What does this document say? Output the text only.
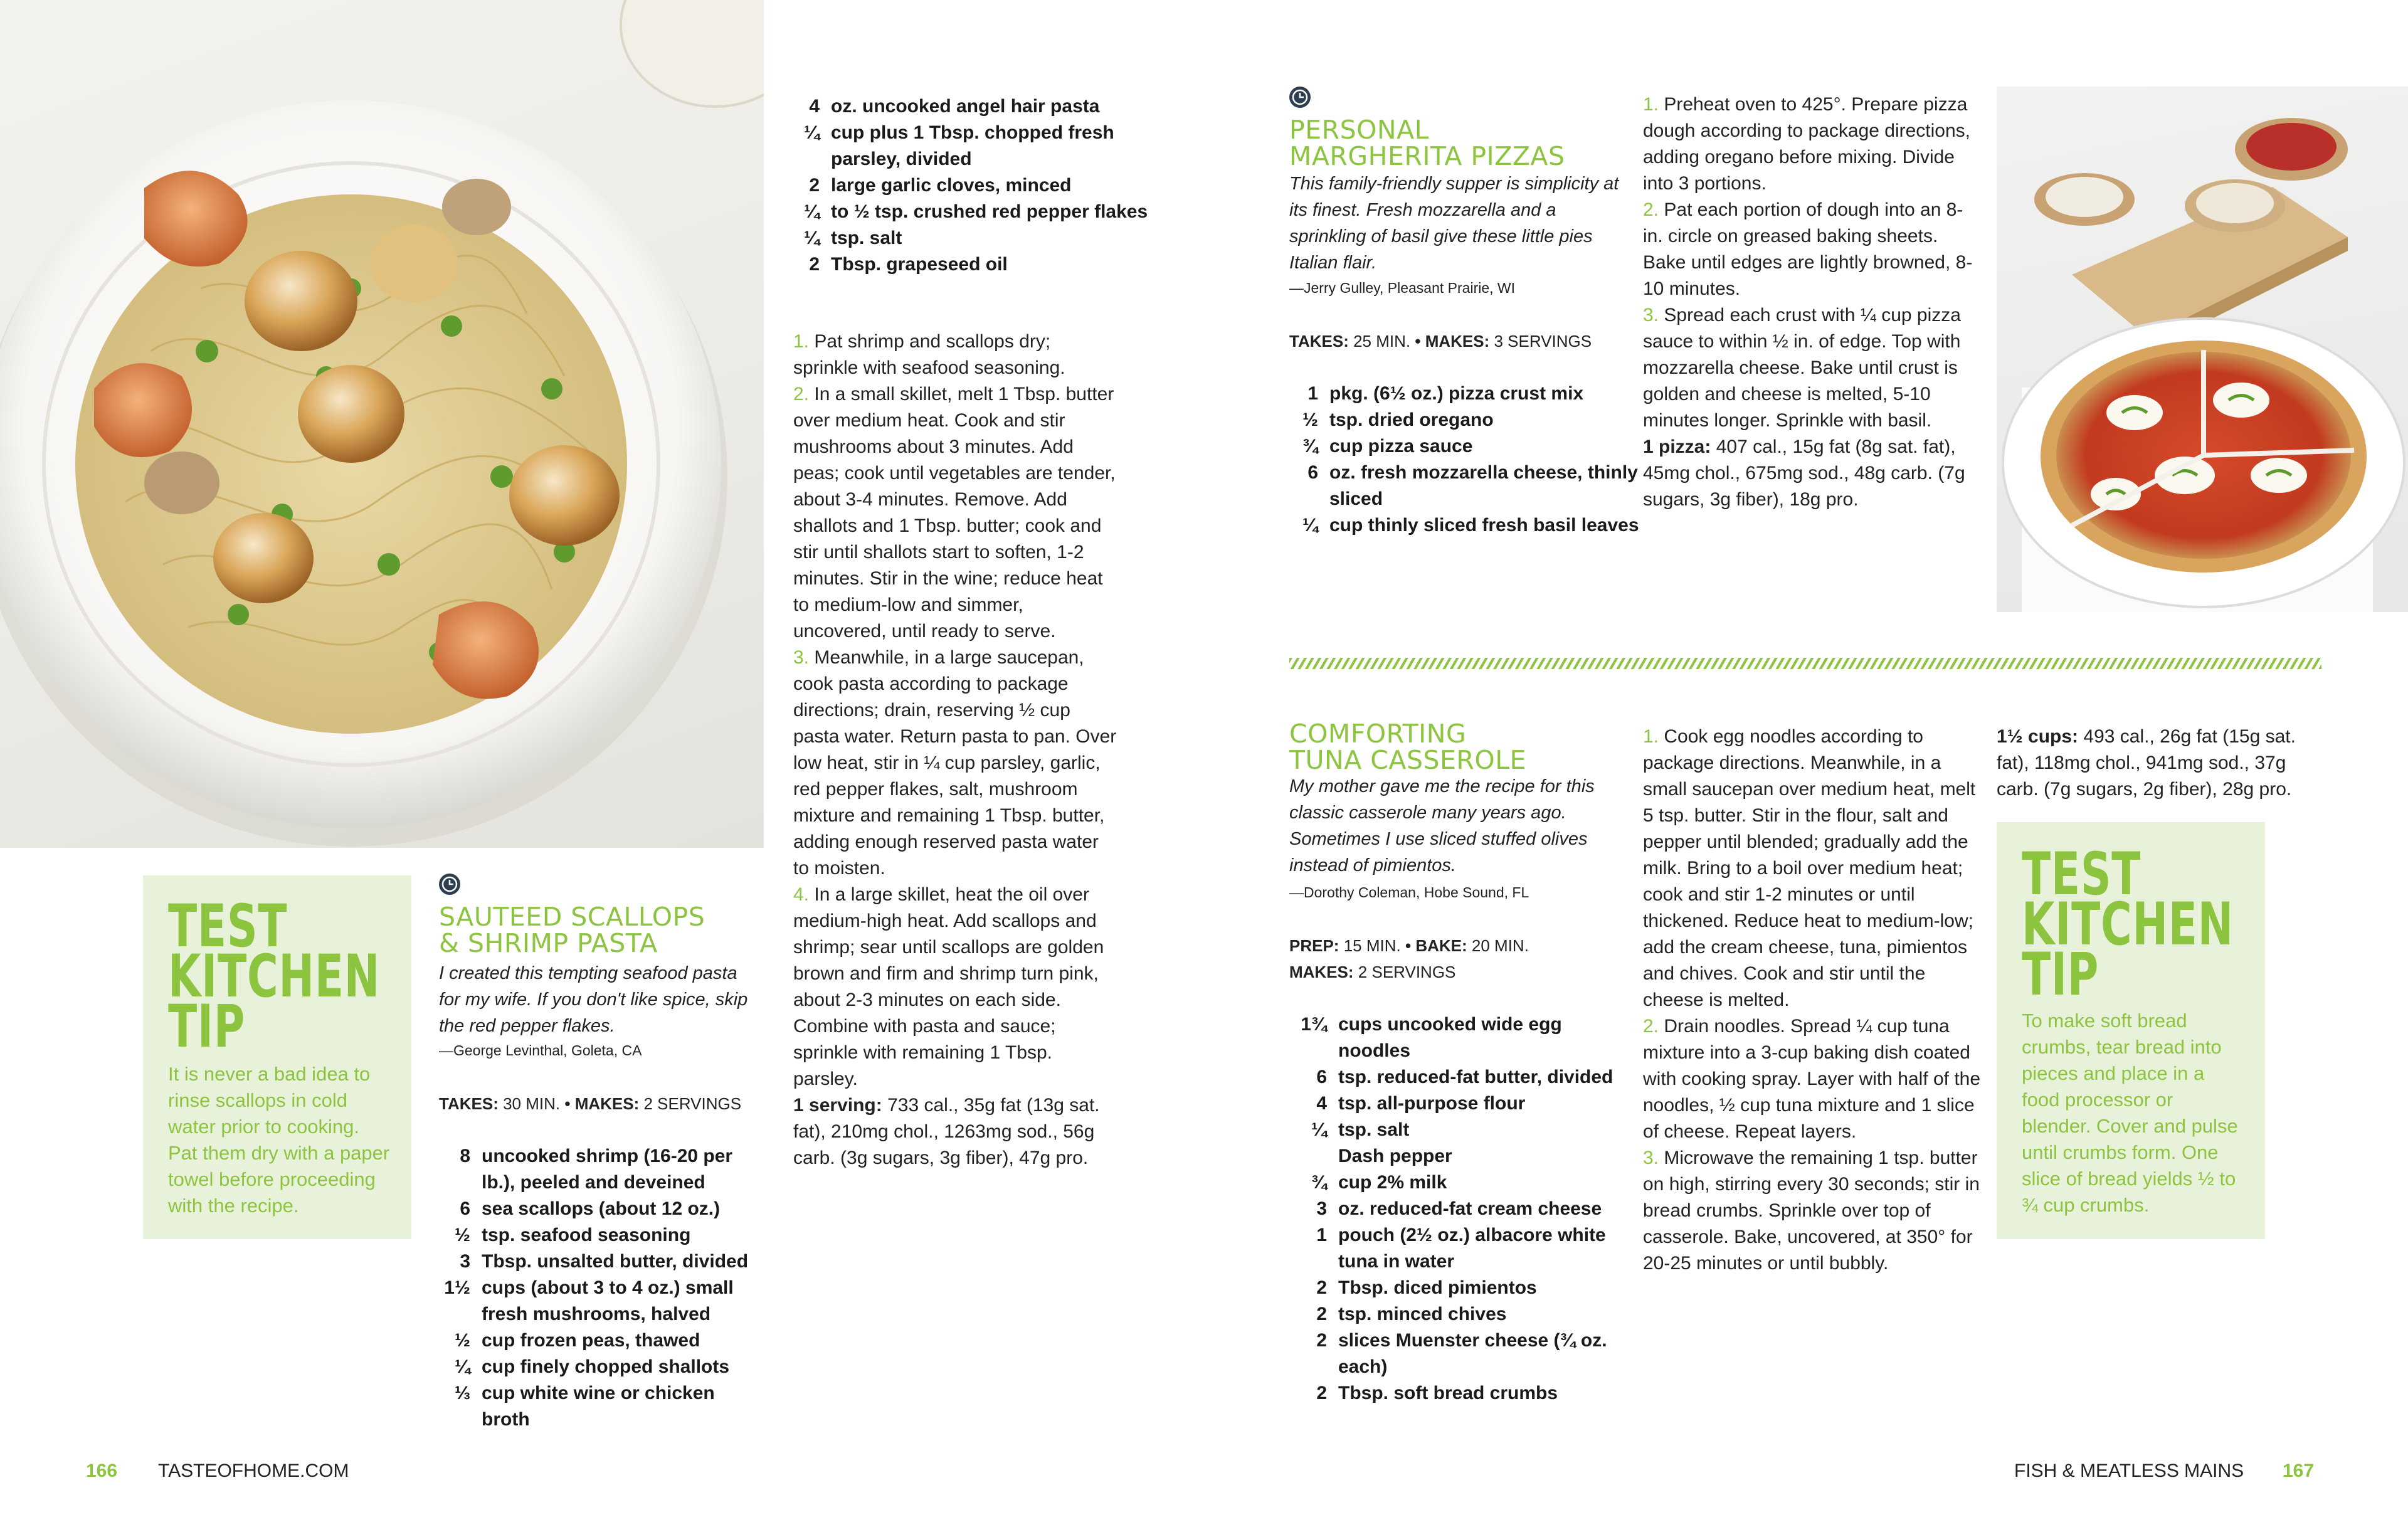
TEST
KITCHEN
TIP
It is never a bad idea to rinse scallops in cold water prior to cooking. Pat them dry with a paper towel before proceeding with the recipe.
SAUTEED SCALLOPS
& SHRIMP PASTA
I created this tempting seafood pasta for my wife. If you don't like spice, skip the red pepper flakes.
—George Levinthal, Goleta, CA
TAKES: 30 MIN. • MAKES: 2 SERVINGS
8 uncooked shrimp (16-20 per lb.), peeled and deveined
6 sea scallops (about 12 oz.)
½ tsp. seafood seasoning
3 Tbsp. unsalted butter, divided
1½ cups (about 3 to 4 oz.) small fresh mushrooms, halved
½ cup frozen peas, thawed
¼ cup finely chopped shallots
⅓ cup white wine or chicken broth
4 oz. uncooked angel hair pasta
¼ cup plus 1 Tbsp. chopped fresh parsley, divided
2 large garlic cloves, minced
¼ to ½ tsp. crushed red pepper flakes
¼ tsp. salt
2 Tbsp. grapeseed oil
1. Pat shrimp and scallops dry; sprinkle with seafood seasoning.
2. In a small skillet, melt 1 Tbsp. butter over medium heat. Cook and stir mushrooms about 3 minutes. Add peas; cook until vegetables are tender, about 3-4 minutes. Remove. Add shallots and 1 Tbsp. butter; cook and stir until shallots start to soften, 1-2 minutes. Stir in the wine; reduce heat to medium-low and simmer, uncovered, until ready to serve.
3. Meanwhile, in a large saucepan, cook pasta according to package directions; drain, reserving ½ cup pasta water. Return pasta to pan. Over low heat, stir in ¼ cup parsley, garlic, red pepper flakes, salt, mushroom mixture and remaining 1 Tbsp. butter, adding enough reserved pasta water to moisten.
4. In a large skillet, heat the oil over medium-high heat. Add scallops and shrimp; sear until scallops are golden brown and firm and shrimp turn pink, about 2-3 minutes on each side. Combine with pasta and sauce; sprinkle with remaining 1 Tbsp. parsley.
1 serving: 733 cal., 35g fat (13g sat. fat), 210mg chol., 1263mg sod., 56g carb. (3g sugars, 3g fiber), 47g pro.
166 TASTEOFHOME.COM
PERSONAL
MARGHERITA PIZZAS
This family-friendly supper is simplicity at its finest. Fresh mozzarella and a sprinkling of basil give these little pies Italian flair.
—Jerry Gulley, Pleasant Prairie, WI
TAKES: 25 MIN. • MAKES: 3 SERVINGS
1 pkg. (6½ oz.) pizza crust mix
½ tsp. dried oregano
¾ cup pizza sauce
6 oz. fresh mozzarella cheese, thinly sliced
¼ cup thinly sliced fresh basil leaves
1. Preheat oven to 425°. Prepare pizza dough according to package directions, adding oregano before mixing. Divide into 3 portions.
2. Pat each portion of dough into an 8-in. circle on greased baking sheets. Bake until edges are lightly browned, 8-10 minutes.
3. Spread each crust with ¼ cup pizza sauce to within ½ in. of edge. Top with mozzarella cheese. Bake until crust is golden and cheese is melted, 5-10 minutes longer. Sprinkle with basil.
1 pizza: 407 cal., 15g fat (8g sat. fat), 45mg chol., 675mg sod., 48g carb. (7g sugars, 3g fiber), 18g pro.
COMFORTING
TUNA CASSEROLE
My mother gave me the recipe for this classic casserole many years ago. Sometimes I use sliced stuffed olives instead of pimientos.
—Dorothy Coleman, Hobe Sound, FL
PREP: 15 MIN. • BAKE: 20 MIN.
MAKES: 2 SERVINGS
1¾ cups uncooked wide egg noodles
6 tsp. reduced-fat butter, divided
4 tsp. all-purpose flour
¼ tsp. salt
Dash pepper
¾ cup 2% milk
3 oz. reduced-fat cream cheese
1 pouch (2½ oz.) albacore white tuna in water
2 Tbsp. diced pimientos
2 tsp. minced chives
2 slices Muenster cheese (¾ oz. each)
2 Tbsp. soft bread crumbs
1. Cook egg noodles according to package directions. Meanwhile, in a small saucepan over medium heat, melt 5 tsp. butter. Stir in the flour, salt and pepper until blended; gradually add the milk. Bring to a boil over medium heat; cook and stir 1-2 minutes or until thickened. Reduce heat to medium-low; add the cream cheese, tuna, pimientos and chives. Cook and stir until the cheese is melted.
2. Drain noodles. Spread ¼ cup tuna mixture into a 3-cup baking dish coated with cooking spray. Layer with half of the noodles, ½ cup tuna mixture and 1 slice of cheese. Repeat layers.
3. Microwave the remaining 1 tsp. butter on high, stirring every 30 seconds; stir in bread crumbs. Sprinkle over top of casserole. Bake, uncovered, at 350° for 20-25 minutes or until bubbly.
1½ cups: 493 cal., 26g fat (15g sat. fat), 118mg chol., 941mg sod., 37g carb. (7g sugars, 2g fiber), 28g pro.
TEST
KITCHEN
TIP
To make soft bread crumbs, tear bread into pieces and place in a food processor or blender. Cover and pulse until crumbs form. One slice of bread yields ½ to ¾ cup crumbs.
FISH & MEATLESS MAINS 167
